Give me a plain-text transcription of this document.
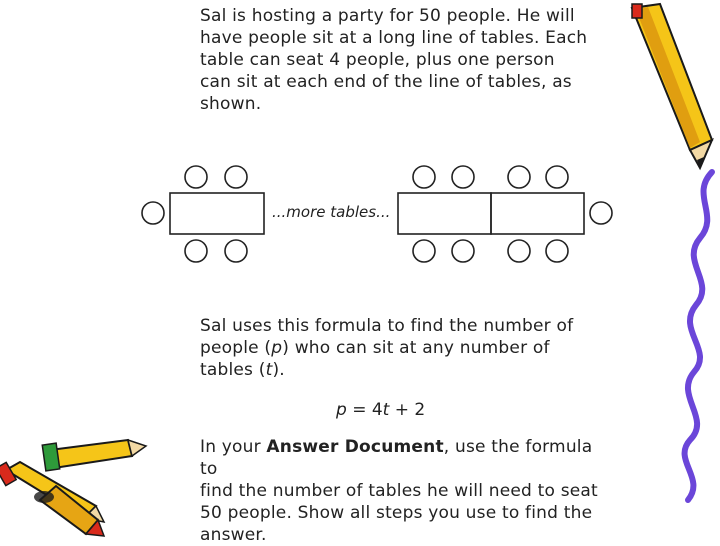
Sal is hosting a party for 50 people. He will
have people sit at a long line of tables. Each
table can seat 4 people, plus one person
can sit at each end of the line of tables, as
shown.

...more tables...

Sal uses this formula to find the number of
people (p) who can sit at any number of
tables (t).

p = 4t + 2

In your Answer Document, use the formula to
find the number of tables he will need to seat
50 people. Show all steps you use to find the
answer.
